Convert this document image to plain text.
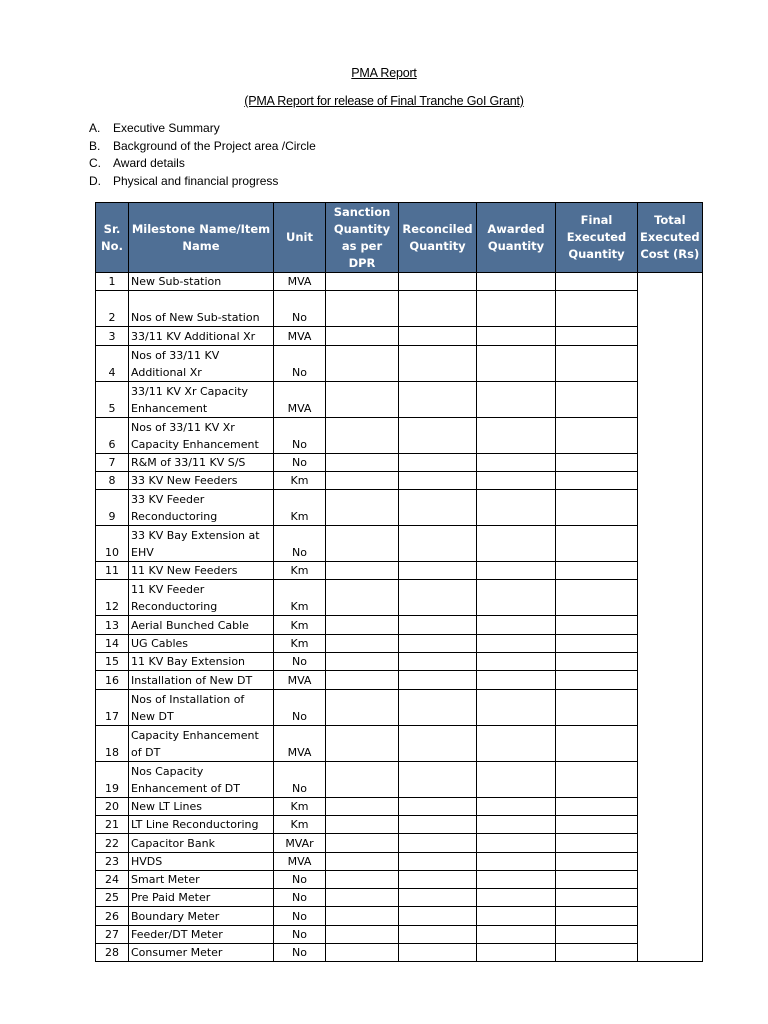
PMA Report
(PMA Report for release of Final Tranche GoI Grant)
A. Executive Summary
B. Background of the Project area /Circle
C. Award details
D. Physical and financial progress
Sr. No.	Milestone Name/Item Name	Unit	Sanction Quantity as per DPR	Reconciled Quantity	Awarded Quantity	Final Executed Quantity	Total Executed Cost (Rs)
1	New Sub-station	MVA					
2	Nos of New Sub-station	No					
3	33/11 KV Additional Xr	MVA					
4	Nos of 33/11 KV Additional Xr	No					
5	33/11 KV Xr Capacity Enhancement	MVA					
6	Nos of 33/11 KV Xr Capacity Enhancement	No					
7	R&M of 33/11 KV S/S	No					
8	33 KV New Feeders	Km					
9	33 KV Feeder Reconductoring	Km					
10	33 KV Bay Extension at EHV	No					
11	11 KV New Feeders	Km					
12	11 KV Feeder Reconductoring	Km					
13	Aerial Bunched Cable	Km					
14	UG Cables	Km					
15	11 KV Bay Extension	No					
16	Installation of New DT	MVA					
17	Nos of Installation of New DT	No					
18	Capacity Enhancement of DT	MVA					
19	Nos Capacity Enhancement of DT	No					
20	New LT Lines	Km					
21	LT Line Reconductoring	Km					
22	Capacitor Bank	MVAr					
23	HVDS	MVA					
24	Smart Meter	No					
25	Pre Paid Meter	No					
26	Boundary Meter	No					
27	Feeder/DT Meter	No					
28	Consumer Meter	No					
